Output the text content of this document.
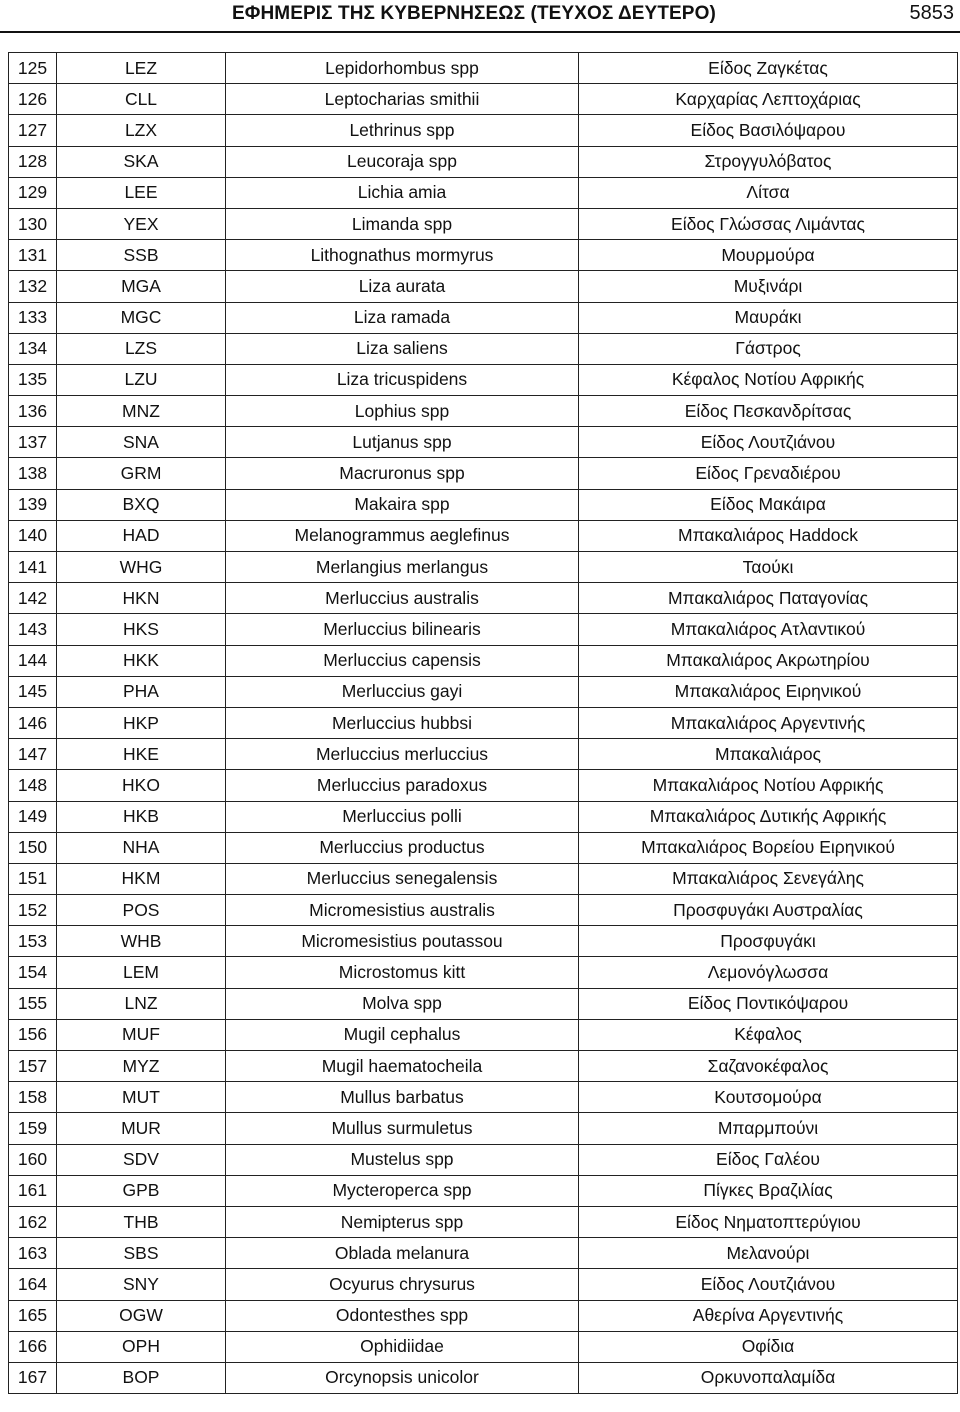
ΕΦΗΜΕΡΙΣ ΤΗΣ ΚΥΒΕΡΝΗΣΕΩΣ (ΤΕΥΧΟΣ ΔΕΥΤΕΡΟ)	5853
125	LEZ	Lepidorhombus spp	Είδος Ζαγκέτας
126	CLL	Leptocharias smithii	Καρχαρίας Λεπτοχάριας
127	LZX	Lethrinus spp	Είδος Βασιλόψαρου
128	SKA	Leucoraja spp	Στρογγυλόβατος
129	LEE	Lichia amia	Λίτσα
130	YEX	Limanda spp	Είδος Γλώσσας Λιμάντας
131	SSB	Lithognathus mormyrus	Μουρμούρα
132	MGA	Liza aurata	Μυξινάρι
133	MGC	Liza ramada	Μαυράκι
134	LZS	Liza saliens	Γάστρος
135	LZU	Liza tricuspidens	Κέφαλος Νοτίου Αφρικής
136	MNZ	Lophius spp	Είδος Πεσκανδρίτσας
137	SNA	Lutjanus spp	Είδος Λουτζιάνου
138	GRM	Macruronus spp	Είδος Γρεναδιέρου
139	BXQ	Makaira spp	Είδος Μακάιρα
140	HAD	Melanogrammus aeglefinus	Μπακαλιάρος Haddock
141	WHG	Merlangius merlangus	Ταούκι
142	HKN	Merluccius australis	Μπακαλιάρος Παταγονίας
143	HKS	Merluccius bilinearis	Μπακαλιάρος Ατλαντικού
144	HKK	Merluccius capensis	Μπακαλιάρος Ακρωτηρίου
145	PHA	Merluccius gayi	Μπακαλιάρος Ειρηνικού
146	HKP	Merluccius hubbsi	Μπακαλιάρος Αργεντινής
147	HKE	Merluccius merluccius	Μπακαλιάρος
148	HKO	Merluccius paradoxus	Μπακαλιάρος Νοτίου Αφρικής
149	HKB	Merluccius polli	Μπακαλιάρος Δυτικής Αφρικής
150	NHA	Merluccius productus	Μπακαλιάρος Βορείου Ειρηνικού
151	HKM	Merluccius senegalensis	Μπακαλιάρος Σενεγάλης
152	POS	Micromesistius australis	Προσφυγάκι Αυστραλίας
153	WHB	Micromesistius poutassou	Προσφυγάκι
154	LEM	Microstomus kitt	Λεμονόγλωσσα
155	LNZ	Molva spp	Είδος Ποντικόψαρου
156	MUF	Mugil cephalus	Κέφαλος
157	MYZ	Mugil haematocheila	Σαζανοκέφαλος
158	MUT	Mullus barbatus	Κουτσομούρα
159	MUR	Mullus surmuletus	Μπαρμπούνι
160	SDV	Mustelus spp	Είδος Γαλέου
161	GPB	Mycteroperca spp	Πίγκες Βραζιλίας
162	THB	Nemipterus spp	Είδος Νηματοπτερύγιου
163	SBS	Oblada melanura	Μελανούρι
164	SNY	Ocyurus chrysurus	Είδος Λουτζιάνου
165	OGW	Odontesthes spp	Αθερίνα Αργεντινής
166	OPH	Ophidiidae	Οφίδια
167	BOP	Orcynopsis unicolor	Ορκυνοπαλαμίδα
